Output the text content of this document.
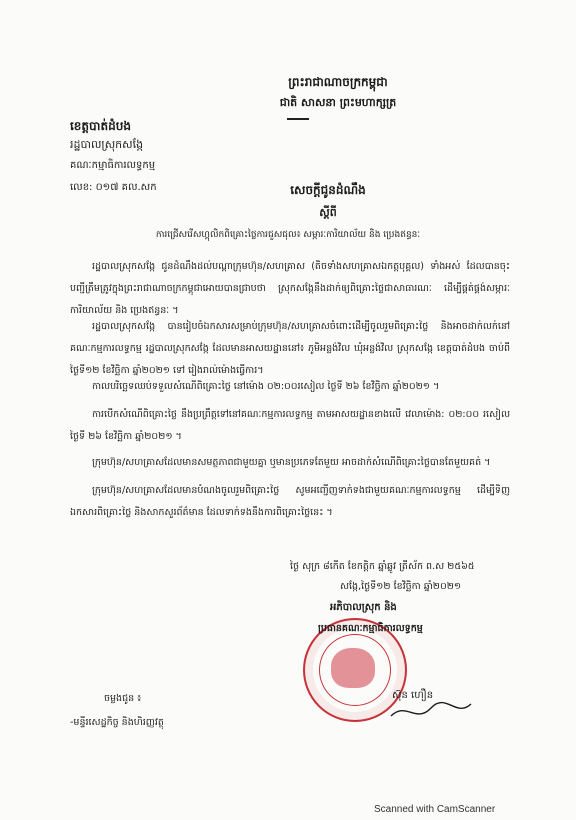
ព្រះរាជាណាចក្រកម្ពុជា
ជាតិ សាសនា ព្រះមហាក្សត្រ
ខេត្តបាត់ដំបង
រដ្ឋបាលស្រុកសង្កែ
គណៈកម្មាធិការលទ្ធកម្ម
លេខ: ០១៧ គល.សក	សេចក្តីជូនដំណឹង
ស្តីពី
ការជ្រើសរើសហ្គុលិកពិគ្រោះថ្លៃការជួសជុល៖ សម្ភារៈការិយាល័យ និង ប្រេងឥន្ធនៈ
រដ្ឋបាលស្រុកសង្កែ ជូនដំណឹងដល់បណ្តាក្រុមហ៊ុន/សហគ្រាស (តិចទាំងសហគ្រាសឯកត្តបុគ្គល) ទាំងអស់ ដែលបានចុះបញ្ជីត្រឹមត្រូវក្នុងព្រះរាជាណាចក្រកម្ពុជាអោយបានជ្រាបថា ស្រុកសង្កែនឹងដាក់ឲ្យពិគ្រោះថ្លៃជាសាធារណៈ ដើម្បីផ្គត់ផ្គង់សម្ភារៈការិយាល័យ និង ប្រេងឥន្ធនៈ ។
រដ្ឋបាលស្រុកសង្កែ បានរៀបចំឯកសារសម្រាប់ក្រុមហ៊ុន/សហគ្រាសចំពោះដើម្បីចូលរួមពិគ្រោះថ្លៃ និងអាចដាក់លក់នៅគណៈកម្មការលទ្ធកម្ម រដ្ឋបាលស្រុកសង្កែ ដែលមានអាសយដ្ឋាននៅ៖ ភូមិអន្លង់វិល ឃុំអន្លង់វិល ស្រុកសង្កែ ខេត្តបាត់ដំបង ចាប់ពីថ្ងៃទី១២ ខែវិច្ឆិកា ឆ្នាំ២០២១ ទៅ រៀងរាល់ម៉ោងធ្វើការ។
កាលបរិច្ឆេទឈប់ទទួលសំណើពិគ្រោះថ្លៃ នៅម៉ោង ០២:០០រសៀល ថ្ងៃទី ២៦ ខែវិច្ឆិកា ឆ្នាំ២០២១ ។
ការបើកសំណើពិគ្រោះថ្លៃ នឹងប្រព្រឹត្តទៅនៅគណៈកម្មការលទ្ធកម្ម តាមអាសយដ្ឋានខាងលើ វេលាម៉ោង: ០២:០០ រសៀល ថ្ងៃទី ២៦ ខែវិច្ឆិកា ឆ្នាំ២០២១ ។
ក្រុមហ៊ុន/សហគ្រាសដែលមានសមត្ថភាពជាមួយគ្នា ឬមានប្រភេទតែមួយ អាចដាក់សំណើពិគ្រោះថ្លៃបានតែមួយគត់ ។
ក្រុមហ៊ុន/សហគ្រាសដែលមានបំណងចូលរួមពិគ្រោះថ្លៃ សូមអញ្ជើញទាក់ទងជាមួយគណៈកម្មការលទ្ធកម្ម ដើម្បីទិញឯកសារពិគ្រោះថ្លៃ និងសាកសួរព័ត៌មាន ដែលទាក់ទងនឹងការពិគ្រោះថ្លៃនេះ ។
ថ្ងៃ សុក្រ ៨កើត ខែកត្តិក ឆ្នាំឆ្លូវ ត្រីស័ក ព.ស ២៥៦៥
សង្កែ,ថ្ងៃទី១២ ខែវិច្ឆិកា ឆ្នាំ២០២១
អភិបាលស្រុក និង
ប្រធានគណៈកម្មាធិការលទ្ធកម្ម
ស៊ុន ហឿន
ចម្លងជូន ៖
-មន្ទីរសេដ្ឋកិច្ច និងហិរញ្ញវត្ថុ
Scanned with CamScanner
